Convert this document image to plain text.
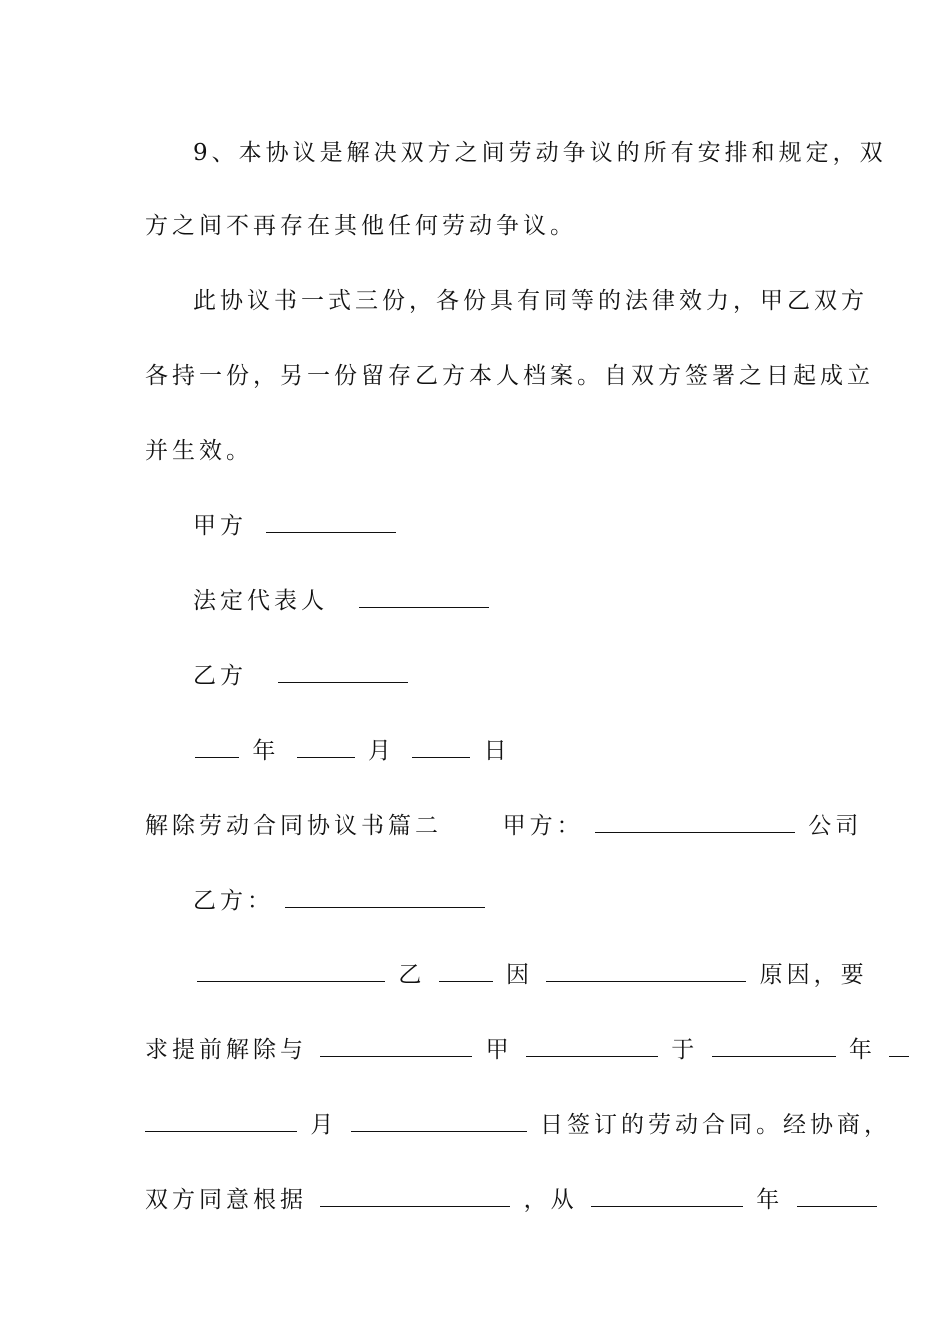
9、本协议是解决双方之间劳动争议的所有安排和规定，双
方之间不再存在其他任何劳动争议。
此协议书一式三份，各份具有同等的法律效力，甲乙双方
各持一份，另一份留存乙方本人档案。自双方签署之日起成立
并生效。
甲方
法定代表人
乙方
年	月	日
解除劳动合同协议书篇二	甲方：	公司
乙方：
乙	因	原因，要
求提前解除与	甲	于	年
月	日签订的劳动合同。经协商，
双方同意根据	，从	年
